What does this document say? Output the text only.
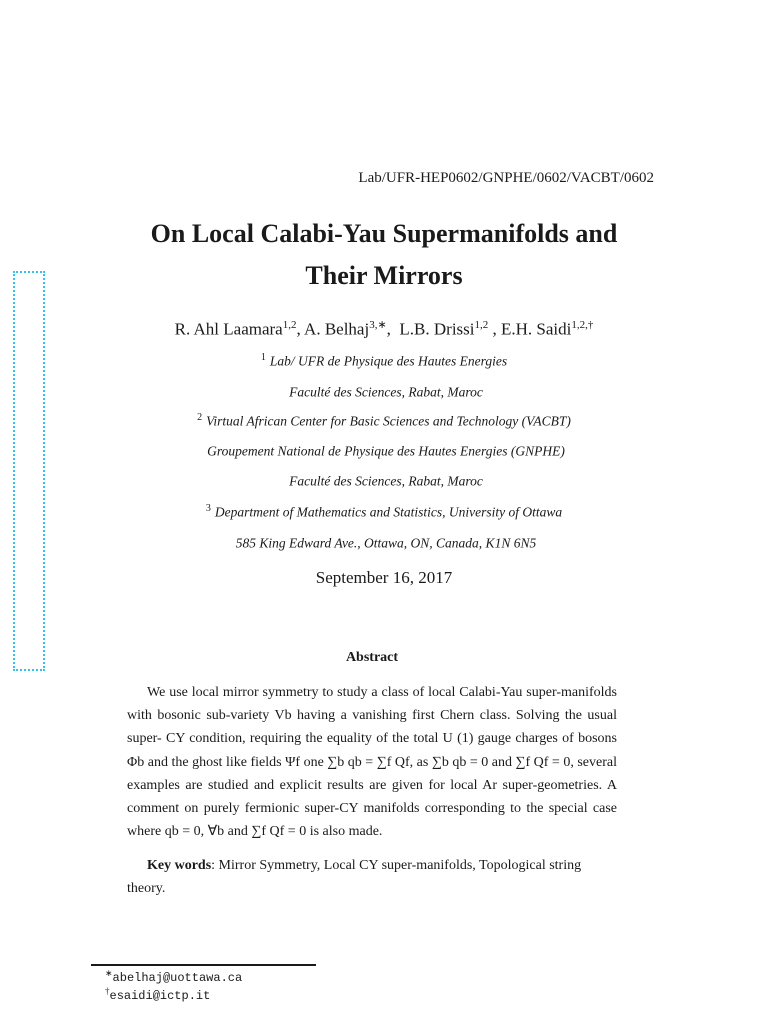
Lab/UFR-HEP0602/GNPHE/0602/VACBT/0602
On Local Calabi-Yau Supermanifolds and
Their Mirrors
R. Ahl Laamara$^{1,2}$, A. Belhaj$^{3,∗}$,  L.B. Drissi$^{1,2}$ , E.H. Saidi$^{1,2,\dagger}$
$^1$ Lab/ UFR de Physique des Hautes Energies
Faculté des Sciences, Rabat, Maroc
$^2$ Virtual African Center for Basic Sciences and Technology (VACBT)
Groupement National de Physique des Hautes Energies (GNPHE)
Faculté des Sciences, Rabat, Maroc
$^3$ Department of Mathematics and Statistics, University of Ottawa
585 King Edward Ave., Ottawa, ON, Canada, K1N 6N5
September 16, 2017
Abstract
We use local mirror symmetry to study a class of local Calabi-Yau super-manifolds with bosonic sub-variety Vb having a vanishing first Chern class. Solving the usual super- CY condition, requiring the equality of the total U (1) gauge charges of bosons Φb and the ghost like fields Ψf one ∑b qb = ∑f Qf, as ∑b qb = 0 and ∑f Qf = 0, several examples are studied and explicit results are given for local Ar super-geometries. A comment on purely fermionic super-CY manifolds corresponding to the special case where qb = 0, ∀b and ∑f Qf = 0 is also made.
Key words: Mirror Symmetry, Local CY super-manifolds, Topological string theory.
∗abelhaj@uottawa.ca
†esaidi@ictp.it
